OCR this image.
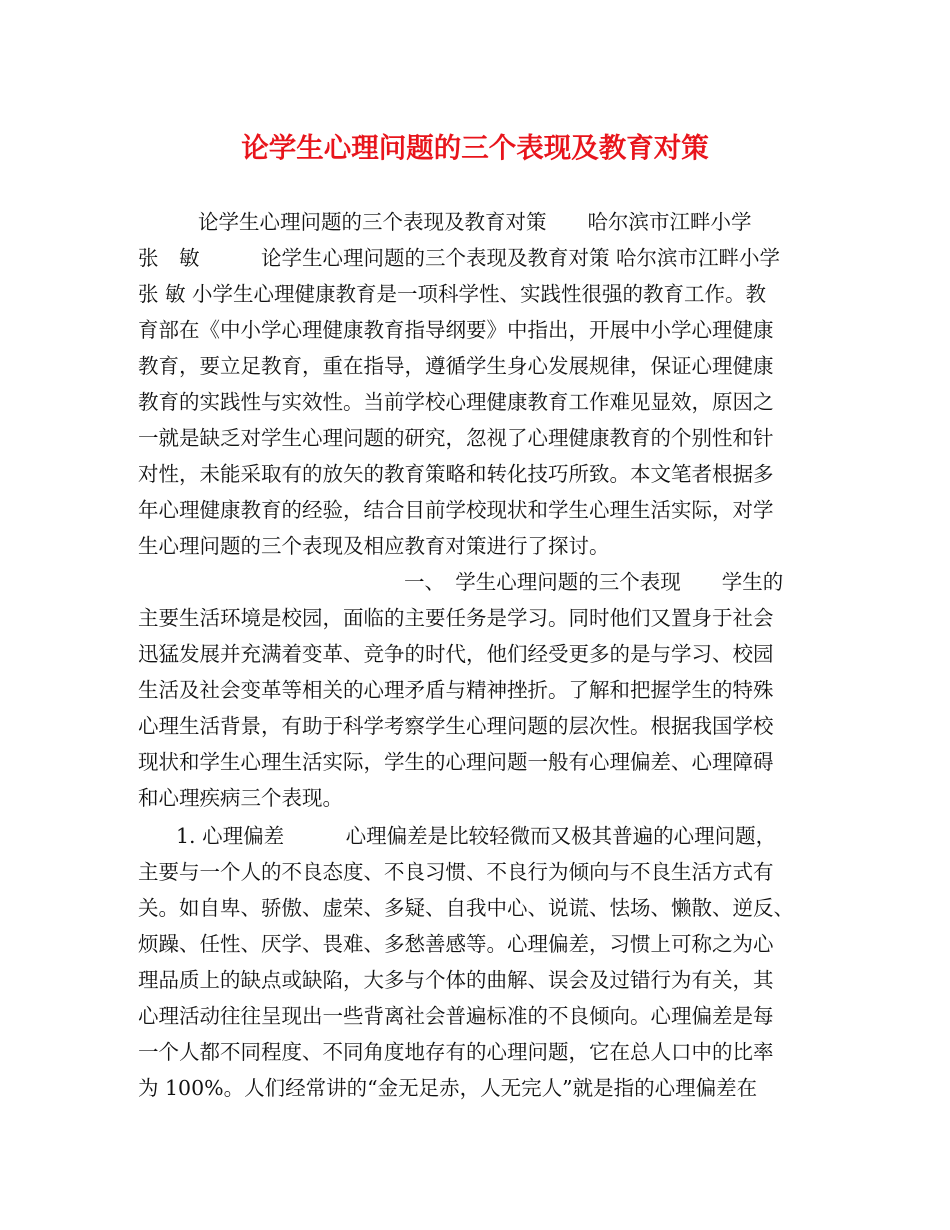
论学生心理问题的三个表现及教育对策
论学生心理问题的三个表现及教育对策　　哈尔滨市江畔小学
张　敏　　　论学生心理问题的三个表现及教育对策 哈尔滨市江畔小学
张 敏 小学生心理健康教育是一项科学性、实践性很强的教育工作。教
育部在《中小学心理健康教育指导纲要》中指出，开展中小学心理健康
教育，要立足教育，重在指导，遵循学生身心发展规律，保证心理健康
教育的实践性与实效性。当前学校心理健康教育工作难见显效，原因之
一就是缺乏对学生心理问题的研究，忽视了心理健康教育的个别性和针
对性，未能采取有的放矢的教育策略和转化技巧所致。本文笔者根据多
年心理健康教育的经验，结合目前学校现状和学生心理生活实际，对学
生心理问题的三个表现及相应教育对策进行了探讨。
一、　学生心理问题的三个表现　　学生的
主要生活环境是校园，面临的主要任务是学习。同时他们又置身于社会
迅猛发展并充满着变革、竞争的时代，他们经受更多的是与学习、校园
生活及社会变革等相关的心理矛盾与精神挫折。了解和把握学生的特殊
心理生活背景，有助于科学考察学生心理问题的层次性。根据我国学校
现状和学生心理生活实际，学生的心理问题一般有心理偏差、心理障碍
和心理疾病三个表现。
1. 心理偏差　　　心理偏差是比较轻微而又极其普遍的心理问题，
主要与一个人的不良态度、不良习惯、不良行为倾向与不良生活方式有
关。如自卑、骄傲、虚荣、多疑、自我中心、说谎、怯场、懒散、逆反、
烦躁、任性、厌学、畏难、多愁善感等。心理偏差，习惯上可称之为心
理品质上的缺点或缺陷，大多与个体的曲解、误会及过错行为有关，其
心理活动往往呈现出一些背离社会普遍标准的不良倾向。心理偏差是每
一个人都不同程度、不同角度地存有的心理问题，它在总人口中的比率
为 100%。人们经常讲的“金无足赤，人无完人”就是指的心理偏差在
